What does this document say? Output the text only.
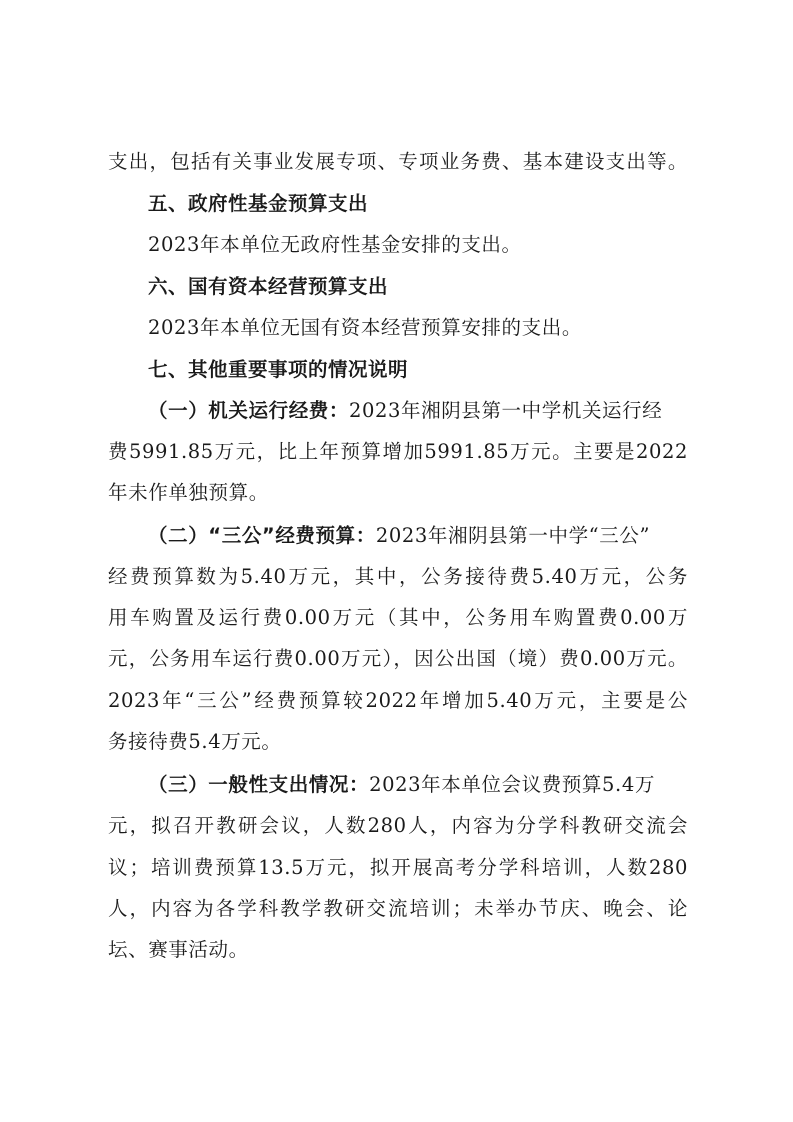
支出，包括有关事业发展专项、专项业务费、基本建设支出等。
五、政府性基金预算支出
2023年本单位无政府性基金安排的支出。
六、国有资本经营预算支出
2023年本单位无国有资本经营预算安排的支出。
七、其他重要事项的情况说明
（一）机关运行经费：2023年湘阴县第一中学机关运行经
费5991.85万元，比上年预算增加5991.85万元。主要是2022
年未作单独预算。
（二）“三公”经费预算：2023年湘阴县第一中学“三公”
经费预算数为5.40万元，其中，公务接待费5.40万元，公务
用车购置及运行费0.00万元（其中，公务用车购置费0.00万
元，公务用车运行费0.00万元），因公出国（境）费0.00万元。
2023年“三公”经费预算较2022年增加5.40万元，主要是公
务接待费5.4万元。
（三）一般性支出情况：2023年本单位会议费预算5.4万
元，拟召开教研会议，人数280人，内容为分学科教研交流会
议；培训费预算13.5万元，拟开展高考分学科培训，人数280
人，内容为各学科教学教研交流培训；未举办节庆、晚会、论
坛、赛事活动。
